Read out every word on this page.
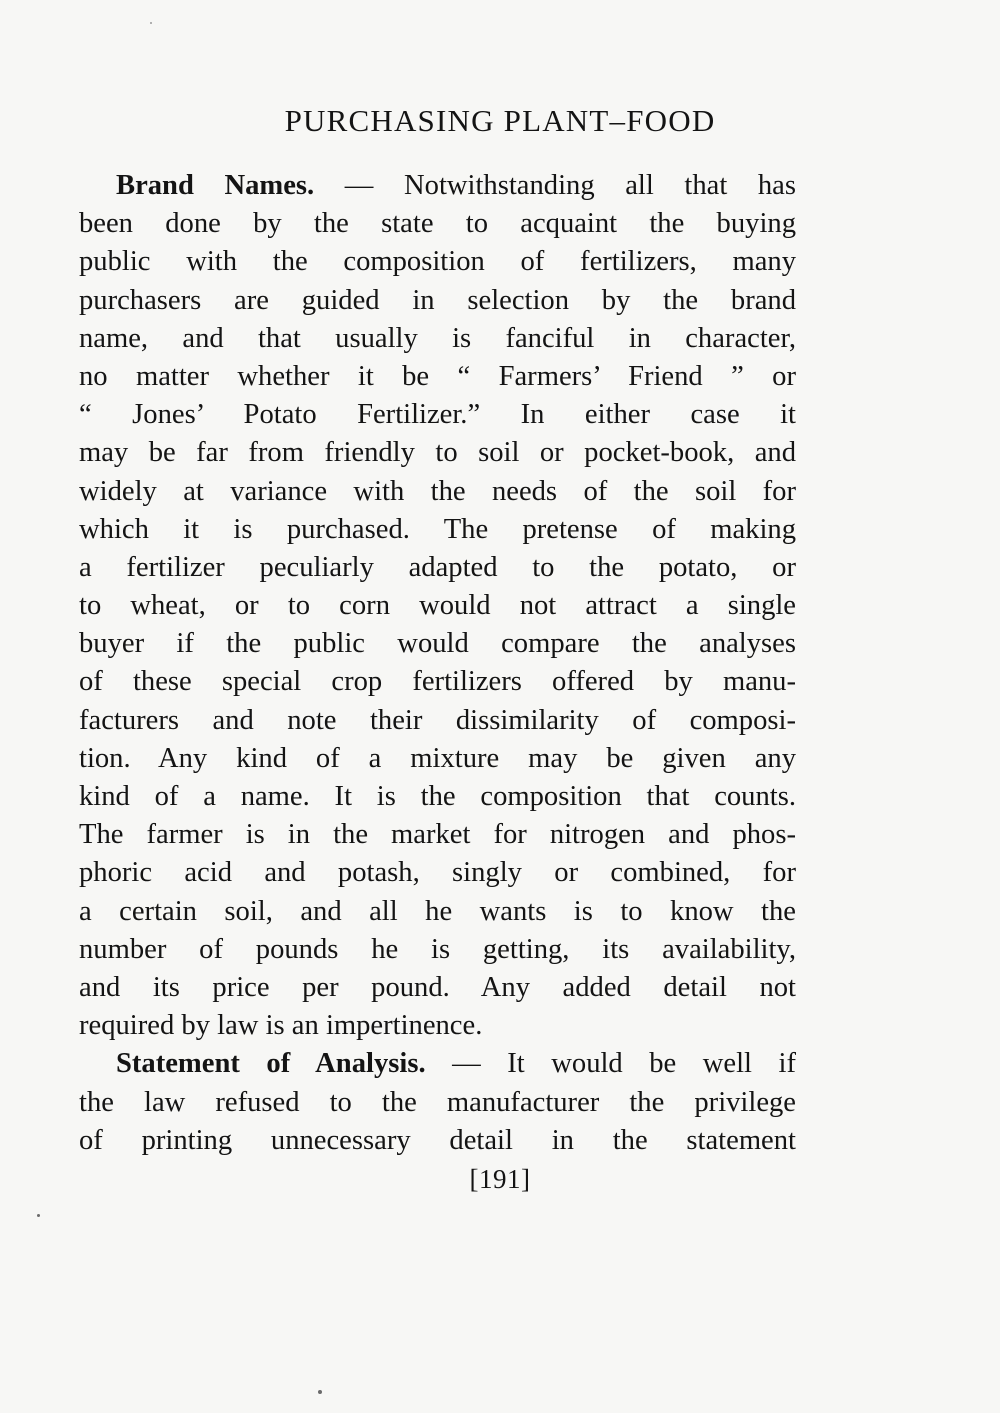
PURCHASING PLANT–FOOD
Brand Names. — Notwithstanding all that has
been done by the state to acquaint the buying
public with the composition of fertilizers, many
purchasers are guided in selection by the brand
name, and that usually is fanciful in character,
no matter whether it be “ Farmers’ Friend ” or
“ Jones’ Potato Fertilizer.” In either case it
may be far from friendly to soil or pocket-book, and
widely at variance with the needs of the soil for
which it is purchased. The pretense of making
a fertilizer peculiarly adapted to the potato, or
to wheat, or to corn would not attract a single
buyer if the public would compare the analyses
of these special crop fertilizers offered by manu-
facturers and note their dissimilarity of composi-
tion. Any kind of a mixture may be given any
kind of a name. It is the composition that counts.
The farmer is in the market for nitrogen and phos-
phoric acid and potash, singly or combined, for
a certain soil, and all he wants is to know the
number of pounds he is getting, its availability,
and its price per pound. Any added detail not
required by law is an impertinence.
Statement of Analysis. — It would be well if
the law refused to the manufacturer the privilege
of printing unnecessary detail in the statement
[191]
